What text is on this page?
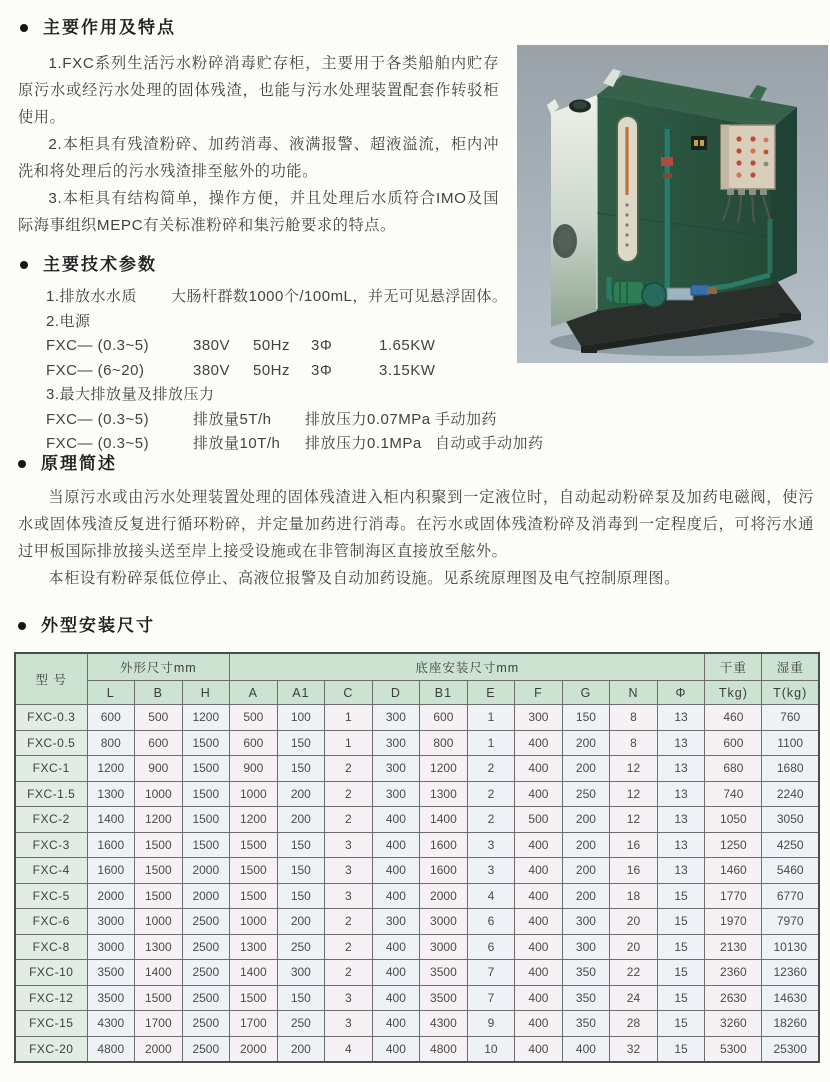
主要作用及特点

1.FXC系列生活污水粉碎消毒贮存柜，主要用于各类船舶内贮存原污水或经污水处理的固体残渣，也能与污水处理装置配套作转驳柜使用。

2.本柜具有残渣粉碎、加药消毒、液满报警、超液溢流，柜内冲洗和将处理后的污水残渣排至舷外的功能。

3.本柜具有结构简单，操作方便，并且处理后水质符合IMO及国际海事组织MEPC有关标准粉碎和集污舱要求的特点。

主要技术参数
1.排放水水质	大肠杆群数1000个/100mL，并无可见悬浮固体。
2.电源
FXC— (0.3~5)	380V	50Hz	3Φ	1.65KW
FXC— (6~20)	380V	50Hz	3Φ	3.15KW
3.最大排放量及排放压力
FXC— (0.3~5)	排放量5T/h	排放压力0.07MPa 手动加药
FXC— (0.3~5)	排放量10T/h	排放压力0.1MPa 自动或手动加药
原理简述

当原污水或由污水处理装置处理的固体残渣进入柜内积聚到一定液位时，自动起动粉碎泵及加药电磁阀，使污水或固体残渣反复进行循环粉碎，并定量加药进行消毒。在污水或固体残渣粉碎及消毒到一定程度后，可将污水通过甲板国际排放接头送至岸上接受设施或在非管制海区直接放至舷外。

本柜设有粉碎泵低位停止、高液位报警及自动加药设施。见系统原理图及电气控制原理图。

外型安装尺寸
型 号	外形尺寸mm			底座安装尺寸mm										干重	湿重
	L	B	H	A	A1	C	D	B1	E	F	G	N	Φ	Tkg)	T(kg)
FXC-0.3	600	500	1200	500	100	1	300	600	1	300	150	8	13	460	760
FXC-0.5	800	600	1500	600	150	1	300	800	1	400	200	8	13	600	1100
FXC-1	1200	900	1500	900	150	2	300	1200	2	400	200	12	13	680	1680
FXC-1.5	1300	1000	1500	1000	200	2	300	1300	2	400	250	12	13	740	2240
FXC-2	1400	1200	1500	1200	200	2	400	1400	2	500	200	12	13	1050	3050
FXC-3	1600	1500	1500	1500	150	3	400	1600	3	400	200	16	13	1250	4250
FXC-4	1600	1500	2000	1500	150	3	400	1600	3	400	200	16	13	1460	5460
FXC-5	2000	1500	2000	1500	150	3	400	2000	4	400	200	18	15	1770	6770
FXC-6	3000	1000	2500	1000	200	2	300	3000	6	400	300	20	15	1970	7970
FXC-8	3000	1300	2500	1300	250	2	400	3000	6	400	300	20	15	2130	10130
FXC-10	3500	1400	2500	1400	300	2	400	3500	7	400	350	22	15	2360	12360
FXC-12	3500	1500	2500	1500	150	3	400	3500	7	400	350	24	15	2630	14630
FXC-15	4300	1700	2500	1700	250	3	400	4300	9	400	350	28	15	3260	18260
FXC-20	4800	2000	2500	2000	200	4	400	4800	10	400	400	32	15	5300	25300
